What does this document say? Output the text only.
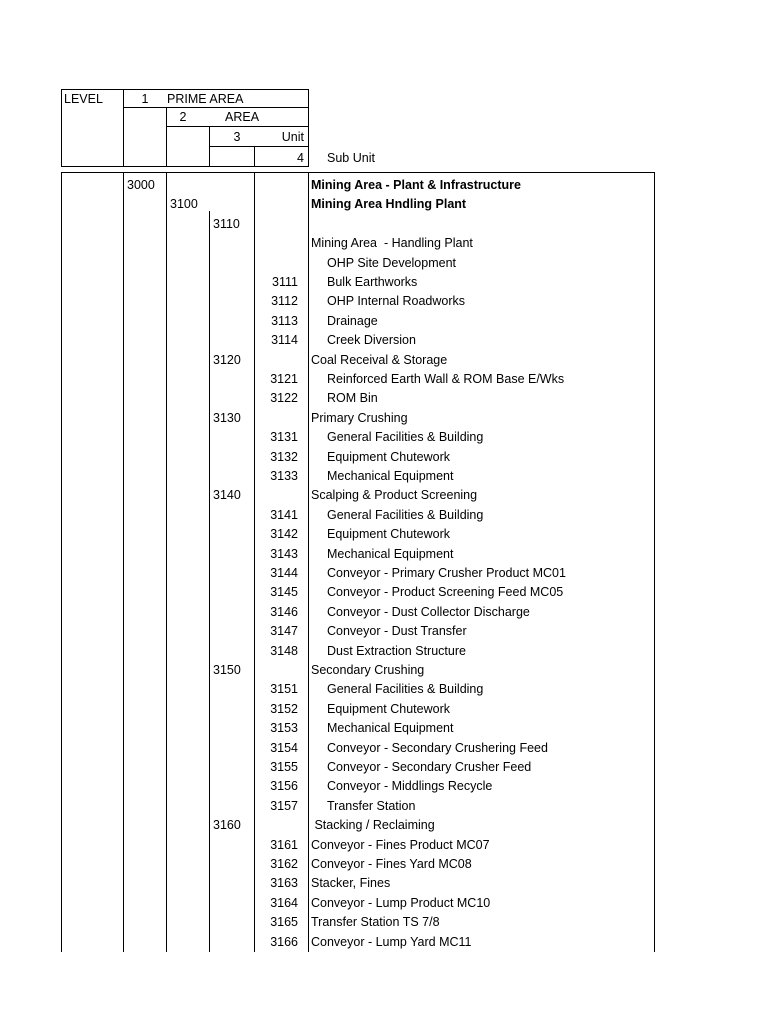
LEVEL	1 PRIME AREA
2	AREA
3	Unit
4 Sub Unit
3000	Mining Area - Plant & Infrastructure
3100	Mining Area Hndling Plant
3110
Mining Area  - Handling Plant
OHP Site Development
3111	Bulk Earthworks
3112	OHP Internal Roadworks
3113	Drainage
3114	Creek Diversion
3120	Coal Receival & Storage
3121	Reinforced Earth Wall & ROM Base E/Wks
3122	ROM Bin
3130	Primary Crushing
3131	General Facilities & Building
3132	Equipment Chutework
3133	Mechanical Equipment
3140	Scalping & Product Screening
3141	General Facilities & Building
3142	Equipment Chutework
3143	Mechanical Equipment
3144	Conveyor - Primary Crusher Product MC01
3145	Conveyor - Product Screening Feed MC05
3146	Conveyor - Dust Collector Discharge
3147	Conveyor - Dust Transfer
3148	Dust Extraction Structure
3150	Secondary Crushing
3151	General Facilities & Building
3152	Equipment Chutework
3153	Mechanical Equipment
3154	Conveyor - Secondary Crushering Feed
3155	Conveyor - Secondary Crusher Feed
3156	Conveyor - Middlings Recycle
3157	Transfer Station
3160	Stacking / Reclaiming
3161 Conveyor - Fines Product MC07
3162 Conveyor - Fines Yard MC08
3163 Stacker, Fines
3164 Conveyor - Lump Product MC10
3165 Transfer Station TS 7/8
3166 Conveyor - Lump Yard MC11
